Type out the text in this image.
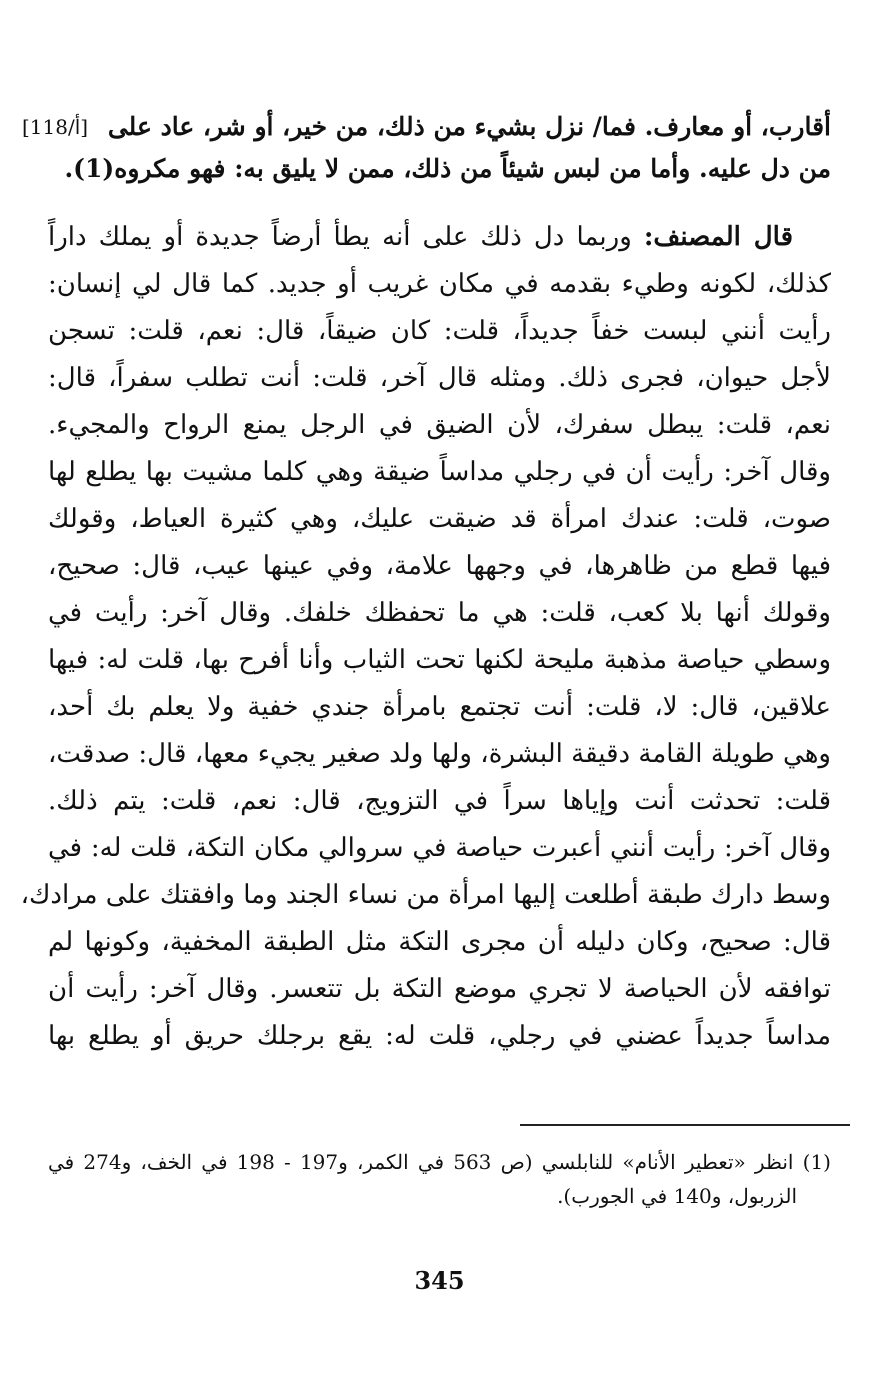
[118/أ] أقارب، أو معارف. فما/ نزل بشيء من ذلك، من خير، أو شر، عاد على
من دل عليه. وأما من لبس شيئاً من ذلك، ممن لا يليق به: فهو مكروه(1).
قال المصنف: وربما دل ذلك على أنه يطأ أرضاً جديدة أو يملك داراً
كذلك، لكونه وطيء بقدمه في مكان غريب أو جديد. كما قال لي إنسان:
رأيت أنني لبست خفاً جديداً، قلت: كان ضيقاً، قال: نعم، قلت: تسجن
لأجل حيوان، فجرى ذلك. ومثله قال آخر، قلت: أنت تطلب سفراً، قال:
نعم، قلت: يبطل سفرك، لأن الضيق في الرجل يمنع الرواح والمجيء.
وقال آخر: رأيت أن في رجلي مداساً ضيقة وهي كلما مشيت بها يطلع لها
صوت، قلت: عندك امرأة قد ضيقت عليك، وهي كثيرة العياط، وقولك
فيها قطع من ظاهرها، في وجهها علامة، وفي عينها عيب، قال: صحيح،
وقولك أنها بلا كعب، قلت: هي ما تحفظك خلفك. وقال آخر: رأيت في
وسطي حياصة مذهبة مليحة لكنها تحت الثياب وأنا أفرح بها، قلت له: فيها
علاقين، قال: لا، قلت: أنت تجتمع بامرأة جندي خفية ولا يعلم بك أحد،
وهي طويلة القامة دقيقة البشرة، ولها ولد صغير يجيء معها، قال: صدقت،
قلت: تحدثت أنت وإياها سراً في التزويج، قال: نعم، قلت: يتم ذلك.
وقال آخر: رأيت أنني أعبرت حياصة في سروالي مكان التكة، قلت له: في
وسط دارك طبقة أطلعت إليها امرأة من نساء الجند وما وافقتك على مرادك،
قال: صحيح، وكان دليله أن مجرى التكة مثل الطبقة المخفية، وكونها لم
توافقه لأن الحياصة لا تجري موضع التكة بل تتعسر. وقال آخر: رأيت أن
مداساً جديداً عضني في رجلي، قلت له: يقع برجلك حريق أو يطلع بها
(1) انظر «تعطير الأنام» للنابلسي (ص 563 في الكمر، و197 - 198 في الخف، و274 في
الزربول، و140 في الجورب).
345
